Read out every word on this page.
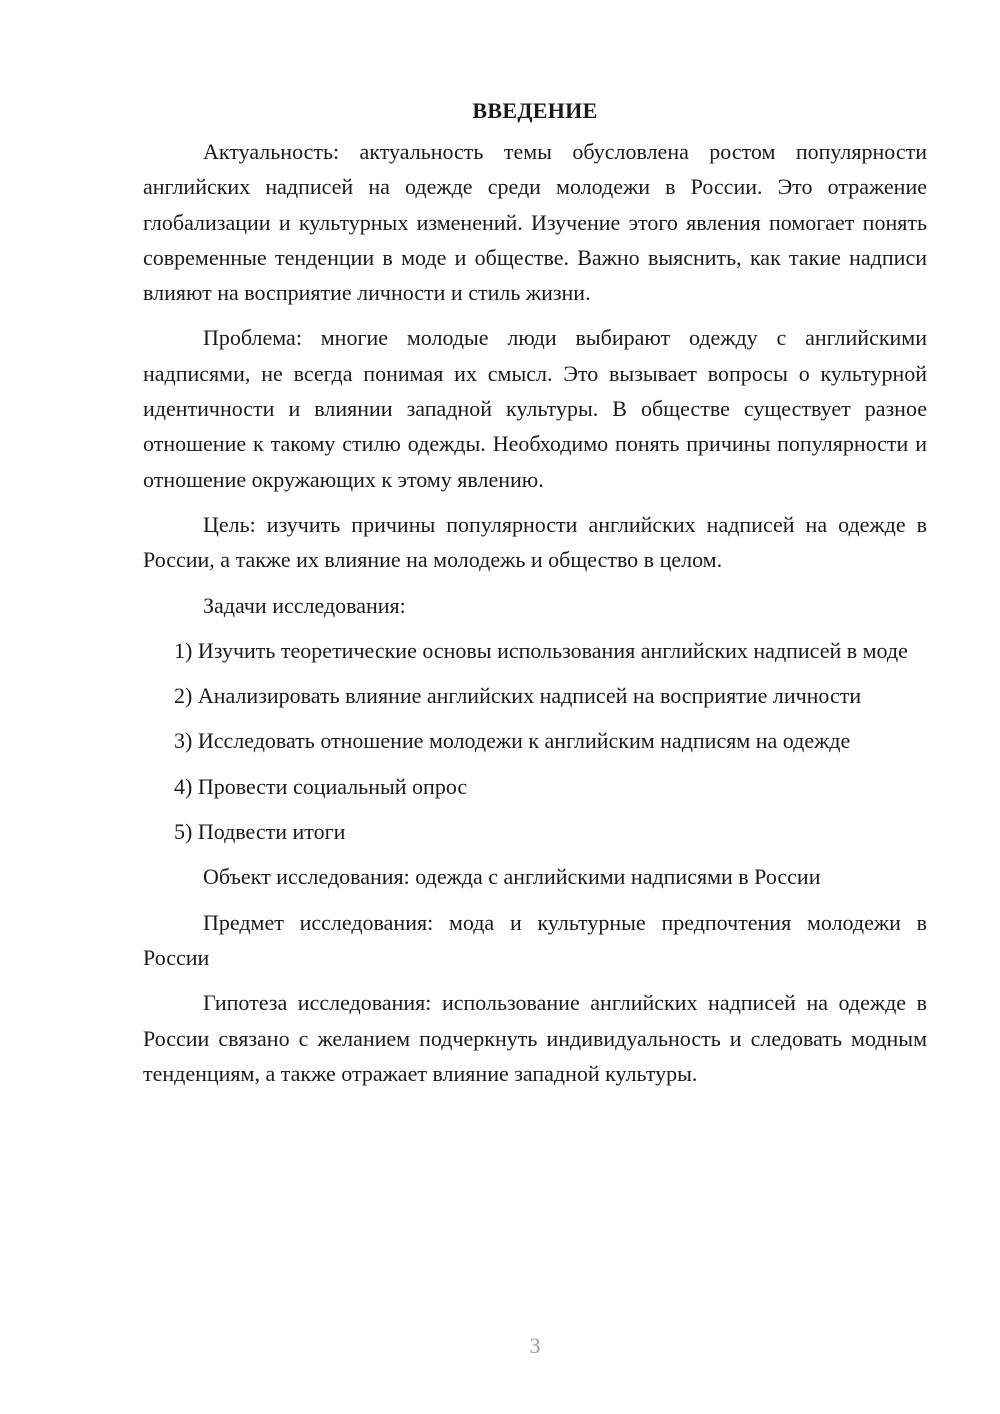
ВВЕДЕНИЕ

Актуальность: актуальность темы обусловлена ростом популярности английских надписей на одежде среди молодежи в России. Это отражение глобализации и культурных изменений. Изучение этого явления помогает понять современные тенденции в моде и обществе. Важно выяснить, как такие надписи влияют на восприятие личности и стиль жизни.

Проблема: многие молодые люди выбирают одежду с английскими надписями, не всегда понимая их смысл. Это вызывает вопросы о культурной идентичности и влиянии западной культуры. В обществе существует разное отношение к такому стилю одежды. Необходимо понять причины популярности и отношение окружающих к этому явлению.

Цель: изучить причины популярности английских надписей на одежде в России, а также их влияние на молодежь и общество в целом.

Задачи исследования:

1) Изучить теоретические основы использования английских надписей в моде

2) Анализировать влияние английских надписей на восприятие личности

3) Исследовать отношение молодежи к английским надписям на одежде

4) Провести социальный опрос

5) Подвести итоги

Объект исследования: одежда с английскими надписями в России

Предмет исследования: мода и культурные предпочтения молодежи в России

Гипотеза исследования: использование английских надписей на одежде в России связано с желанием подчеркнуть индивидуальность и следовать модным тенденциям, а также отражает влияние западной культуры.

3
